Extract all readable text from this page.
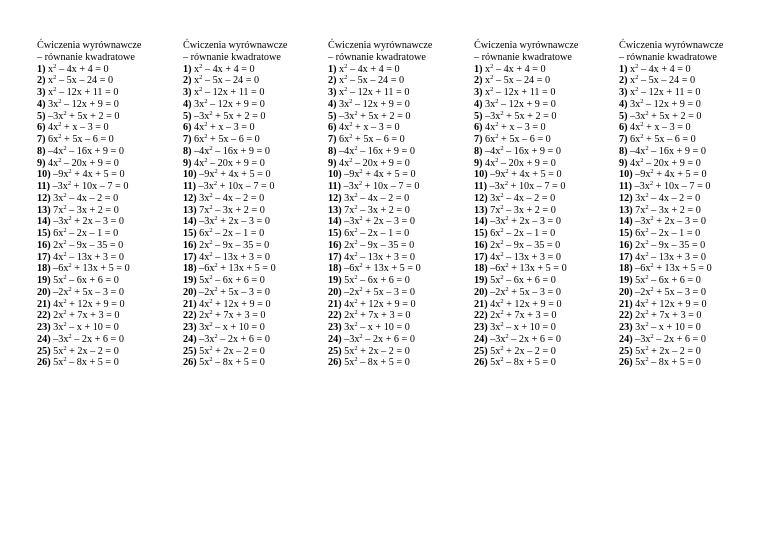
Ćwiczenia wyrównawcze
– równanie kwadratowe
1) $x^2 - 4x + 4 = 0$
2) $x^2 - 5x - 24 = 0$
3) $x^2 - 12x + 11 = 0$
4) $3x^2 - 12x + 9 = 0$
5) $-3x^2 + 5x + 2 = 0$
6) $4x^2 + x - 3 = 0$
7) $6x^2 + 5x - 6 = 0$
8) $-4x^2 - 16x + 9 = 0$
9) $4x^2 - 20x + 9 = 0$
10) $-9x^2 + 4x + 5 = 0$
11) $-3x^2 + 10x - 7 = 0$
12) $3x^2 - 4x - 2 = 0$
13) $7x^2 - 3x + 2 = 0$
14) $-3x^2 + 2x - 3 = 0$
15) $6x^2 - 2x - 1 = 0$
16) $2x^2 - 9x - 35 = 0$
17) $4x^2 - 13x + 3 = 0$
18) $-6x^2 + 13x + 5 = 0$
19) $5x^2 - 6x + 6 = 0$
20) $-2x^2 + 5x - 3 = 0$
21) $4x^2 + 12x + 9 = 0$
22) $2x^2 + 7x + 3 = 0$
23) $3x^2 - x + 10 = 0$
24) $-3x^2 - 2x + 6 = 0$
25) $5x^2 + 2x - 2 = 0$
26) $5x^2 - 8x + 5 = 0$
Ćwiczenia wyrównawcze
– równanie kwadratowe
1) $x^2 - 4x + 4 = 0$
2) $x^2 - 5x - 24 = 0$
3) $x^2 - 12x + 11 = 0$
4) $3x^2 - 12x + 9 = 0$
5) $-3x^2 + 5x + 2 = 0$
6) $4x^2 + x - 3 = 0$
7) $6x^2 + 5x - 6 = 0$
8) $-4x^2 - 16x + 9 = 0$
9) $4x^2 - 20x + 9 = 0$
10) $-9x^2 + 4x + 5 = 0$
11) $-3x^2 + 10x - 7 = 0$
12) $3x^2 - 4x - 2 = 0$
13) $7x^2 - 3x + 2 = 0$
14) $-3x^2 + 2x - 3 = 0$
15) $6x^2 - 2x - 1 = 0$
16) $2x^2 - 9x - 35 = 0$
17) $4x^2 - 13x + 3 = 0$
18) $-6x^2 + 13x + 5 = 0$
19) $5x^2 - 6x + 6 = 0$
20) $-2x^2 + 5x - 3 = 0$
21) $4x^2 + 12x + 9 = 0$
22) $2x^2 + 7x + 3 = 0$
23) $3x^2 - x + 10 = 0$
24) $-3x^2 - 2x + 6 = 0$
25) $5x^2 + 2x - 2 = 0$
26) $5x^2 - 8x + 5 = 0$
Ćwiczenia wyrównawcze
– równanie kwadratowe
1) $x^2 - 4x + 4 = 0$
2) $x^2 - 5x - 24 = 0$
3) $x^2 - 12x + 11 = 0$
4) $3x^2 - 12x + 9 = 0$
5) $-3x^2 + 5x + 2 = 0$
6) $4x^2 + x - 3 = 0$
7) $6x^2 + 5x - 6 = 0$
8) $-4x^2 - 16x + 9 = 0$
9) $4x^2 - 20x + 9 = 0$
10) $-9x^2 + 4x + 5 = 0$
11) $-3x^2 + 10x - 7 = 0$
12) $3x^2 - 4x - 2 = 0$
13) $7x^2 - 3x + 2 = 0$
14) $-3x^2 + 2x - 3 = 0$
15) $6x^2 - 2x - 1 = 0$
16) $2x^2 - 9x - 35 = 0$
17) $4x^2 - 13x + 3 = 0$
18) $-6x^2 + 13x + 5 = 0$
19) $5x^2 - 6x + 6 = 0$
20) $-2x^2 + 5x - 3 = 0$
21) $4x^2 + 12x + 9 = 0$
22) $2x^2 + 7x + 3 = 0$
23) $3x^2 - x + 10 = 0$
24) $-3x^2 - 2x + 6 = 0$
25) $5x^2 + 2x - 2 = 0$
26) $5x^2 - 8x + 5 = 0$
Ćwiczenia wyrównawcze
– równanie kwadratowe
1) $x^2 - 4x + 4 = 0$
2) $x^2 - 5x - 24 = 0$
3) $x^2 - 12x + 11 = 0$
4) $3x^2 - 12x + 9 = 0$
5) $-3x^2 + 5x + 2 = 0$
6) $4x^2 + x - 3 = 0$
7) $6x^2 + 5x - 6 = 0$
8) $-4x^2 - 16x + 9 = 0$
9) $4x^2 - 20x + 9 = 0$
10) $-9x^2 + 4x + 5 = 0$
11) $-3x^2 + 10x - 7 = 0$
12) $3x^2 - 4x - 2 = 0$
13) $7x^2 - 3x + 2 = 0$
14) $-3x^2 + 2x - 3 = 0$
15) $6x^2 - 2x - 1 = 0$
16) $2x^2 - 9x - 35 = 0$
17) $4x^2 - 13x + 3 = 0$
18) $-6x^2 + 13x + 5 = 0$
19) $5x^2 - 6x + 6 = 0$
20) $-2x^2 + 5x - 3 = 0$
21) $4x^2 + 12x + 9 = 0$
22) $2x^2 + 7x + 3 = 0$
23) $3x^2 - x + 10 = 0$
24) $-3x^2 - 2x + 6 = 0$
25) $5x^2 + 2x - 2 = 0$
26) $5x^2 - 8x + 5 = 0$
Ćwiczenia wyrównawcze
– równanie kwadratowe
1) $x^2 - 4x + 4 = 0$
2) $x^2 - 5x - 24 = 0$
3) $x^2 - 12x + 11 = 0$
4) $3x^2 - 12x + 9 = 0$
5) $-3x^2 + 5x + 2 = 0$
6) $4x^2 + x - 3 = 0$
7) $6x^2 + 5x - 6 = 0$
8) $-4x^2 - 16x + 9 = 0$
9) $4x^2 - 20x + 9 = 0$
10) $-9x^2 + 4x + 5 = 0$
11) $-3x^2 + 10x - 7 = 0$
12) $3x^2 - 4x - 2 = 0$
13) $7x^2 - 3x + 2 = 0$
14) $-3x^2 + 2x - 3 = 0$
15) $6x^2 - 2x - 1 = 0$
16) $2x^2 - 9x - 35 = 0$
17) $4x^2 - 13x + 3 = 0$
18) $-6x^2 + 13x + 5 = 0$
19) $5x^2 - 6x + 6 = 0$
20) $-2x^2 + 5x - 3 = 0$
21) $4x^2 + 12x + 9 = 0$
22) $2x^2 + 7x + 3 = 0$
23) $3x^2 - x + 10 = 0$
24) $-3x^2 - 2x + 6 = 0$
25) $5x^2 + 2x - 2 = 0$
26) $5x^2 - 8x + 5 = 0$
